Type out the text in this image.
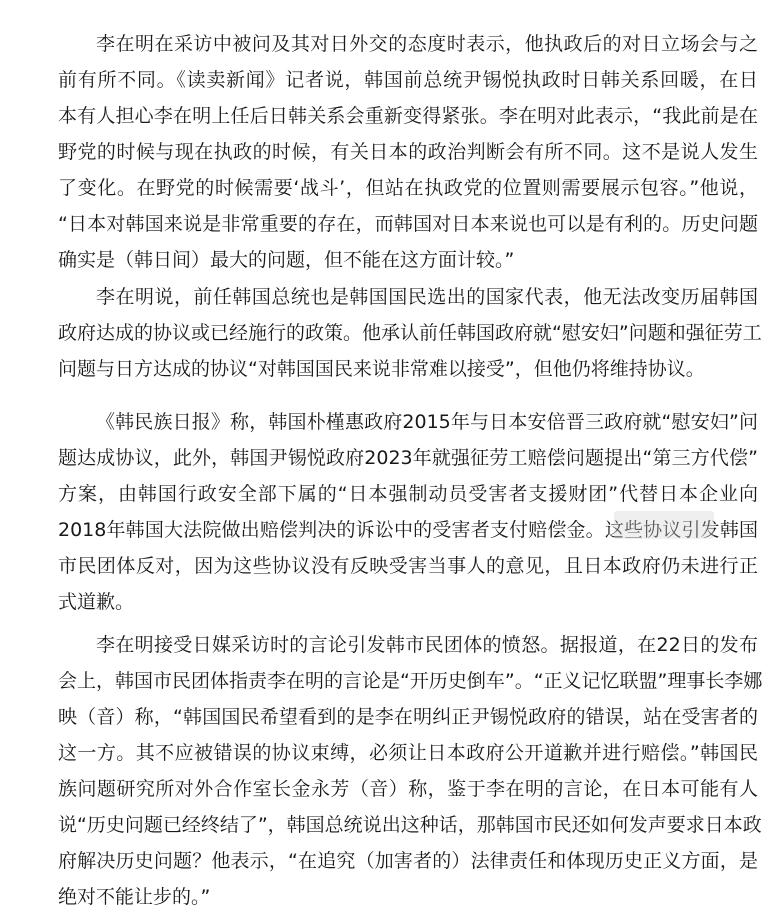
李在明在采访中被问及其对日外交的态度时表示，他执政后的对日立场会与之
前有所不同。《读卖新闻》记者说，韩国前总统尹锡悦执政时日韩关系回暖，在日
本有人担心李在明上任后日韩关系会重新变得紧张。李在明对此表示，“我此前是在
野党的时候与现在执政的时候，有关日本的政治判断会有所不同。这不是说人发生
了变化。在野党的时候需要‘战斗’，但站在执政党的位置则需要展示包容。”他说，
“日本对韩国来说是非常重要的存在，而韩国对日本来说也可以是有利的。历史问题
确实是（韩日间）最大的问题，但不能在这方面计较。”
李在明说，前任韩国总统也是韩国国民选出的国家代表，他无法改变历届韩国
政府达成的协议或已经施行的政策。他承认前任韩国政府就“慰安妇”问题和强征劳工
问题与日方达成的协议“对韩国国民来说非常难以接受”，但他仍将维持协议。
《韩民族日报》称，韩国朴槿惠政府2015年与日本安倍晋三政府就“慰安妇”问
题达成协议，此外，韩国尹锡悦政府2023年就强征劳工赔偿问题提出“第三方代偿”
方案，由韩国行政安全部下属的“日本强制动员受害者支援财团”代替日本企业向
2018年韩国大法院做出赔偿判决的诉讼中的受害者支付赔偿金。这些协议引发韩国
市民团体反对，因为这些协议没有反映受害当事人的意见，且日本政府仍未进行正
式道歉。
李在明接受日媒采访时的言论引发韩市民团体的愤怒。据报道，在22日的发布
会上，韩国市民团体指责李在明的言论是“开历史倒车”。“正义记忆联盟”理事长李娜
映（音）称，“韩国国民希望看到的是李在明纠正尹锡悦政府的错误，站在受害者的
这一方。其不应被错误的协议束缚，必须让日本政府公开道歉并进行赔偿。”韩国民
族问题研究所对外合作室长金永芳（音）称，鉴于李在明的言论，在日本可能有人
说“历史问题已经终结了”，韩国总统说出这种话，那韩国市民还如何发声要求日本政
府解决历史问题？他表示，“在追究（加害者的）法律责任和体现历史正义方面，是
绝对不能让步的。”
